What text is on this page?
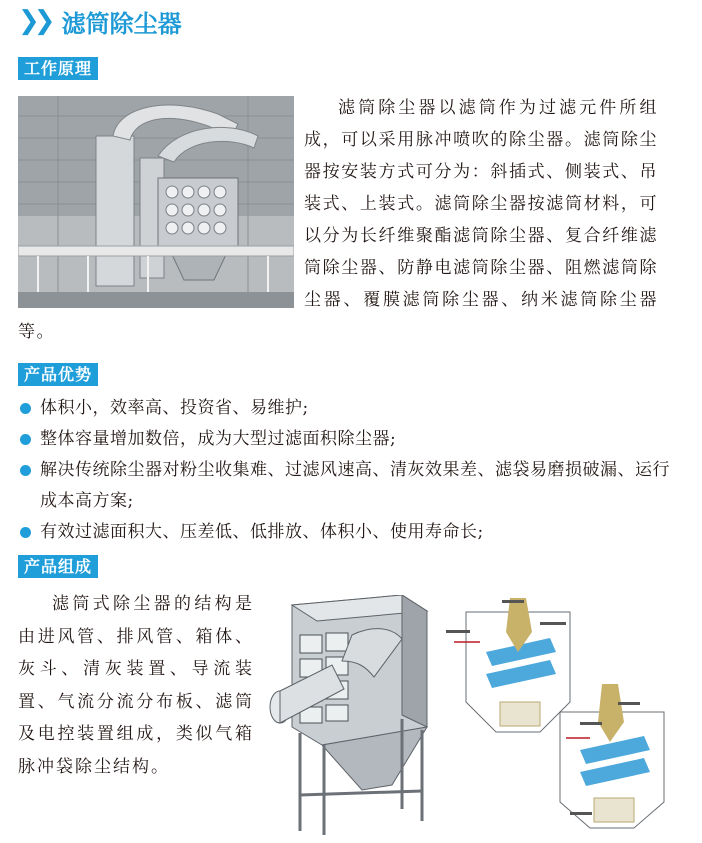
❯❯ 滤筒除尘器
工作原理

滤筒除尘器以滤筒作为过滤元件所组成，可以采用脉冲喷吹的除尘器。滤筒除尘器按安装方式可分为：斜插式、侧装式、吊装式、上装式。滤筒除尘器按滤筒材料，可以分为长纤维聚酯滤筒除尘器、复合纤维滤筒除尘器、防静电滤筒除尘器、阻燃滤筒除尘器、覆膜滤筒除尘器、纳米滤筒除尘器等。

产品优势
体积小，效率高、投资省、易维护;
整体容量增加数倍，成为大型过滤面积除尘器;
解决传统除尘器对粉尘收集难、过滤风速高、清灰效果差、滤袋易磨损破漏、运行成本高方案;
有效过滤面积大、压差低、低排放、体积小、使用寿命长;
产品组成

滤筒式除尘器的结构是由进风管、排风管、箱体、灰斗、清灰装置、导流装置、气流分流分布板、滤筒及电控装置组成，类似气箱脉冲袋除尘结构。
